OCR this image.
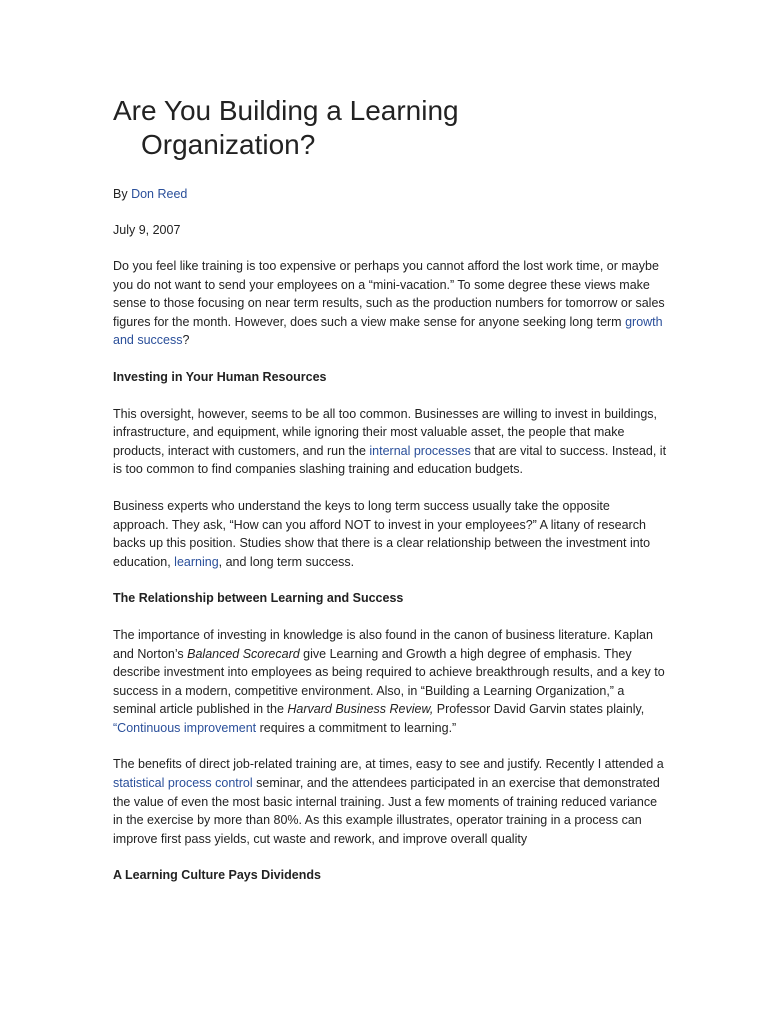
Are You Building a Learning
Organization?
By Don Reed
July 9, 2007

Do you feel like training is too expensive or perhaps you cannot afford the lost work time, or maybe you do not want to send your employees on a “mini-vacation.” To some degree these views make sense to those focusing on near term results, such as the production numbers for tomorrow or sales figures for the month. However, does such a view make sense for anyone seeking long term growth and success?

Investing in Your Human Resources

This oversight, however, seems to be all too common. Businesses are willing to invest in buildings, infrastructure, and equipment, while ignoring their most valuable asset, the people that make products, interact with customers, and run the internal processes that are vital to success. Instead, it is too common to find companies slashing training and education budgets.

Business experts who understand the keys to long term success usually take the opposite approach. They ask, “How can you afford NOT to invest in your employees?” A litany of research backs up this position. Studies show that there is a clear relationship between the investment into education, learning, and long term success.

The Relationship between Learning and Success

The importance of investing in knowledge is also found in the canon of business literature. Kaplan and Norton’s Balanced Scorecard give Learning and Growth a high degree of emphasis. They describe investment into employees as being required to achieve breakthrough results, and a key to success in a modern, competitive environment. Also, in “Building a Learning Organization,” a seminal article published in the Harvard Business Review, Professor David Garvin states plainly, “Continuous improvement requires a commitment to learning.”

The benefits of direct job-related training are, at times, easy to see and justify. Recently I attended a statistical process control seminar, and the attendees participated in an exercise that demonstrated the value of even the most basic internal training. Just a few moments of training reduced variance in the exercise by more than 80%. As this example illustrates, operator training in a process can improve first pass yields, cut waste and rework, and improve overall quality

A Learning Culture Pays Dividends
